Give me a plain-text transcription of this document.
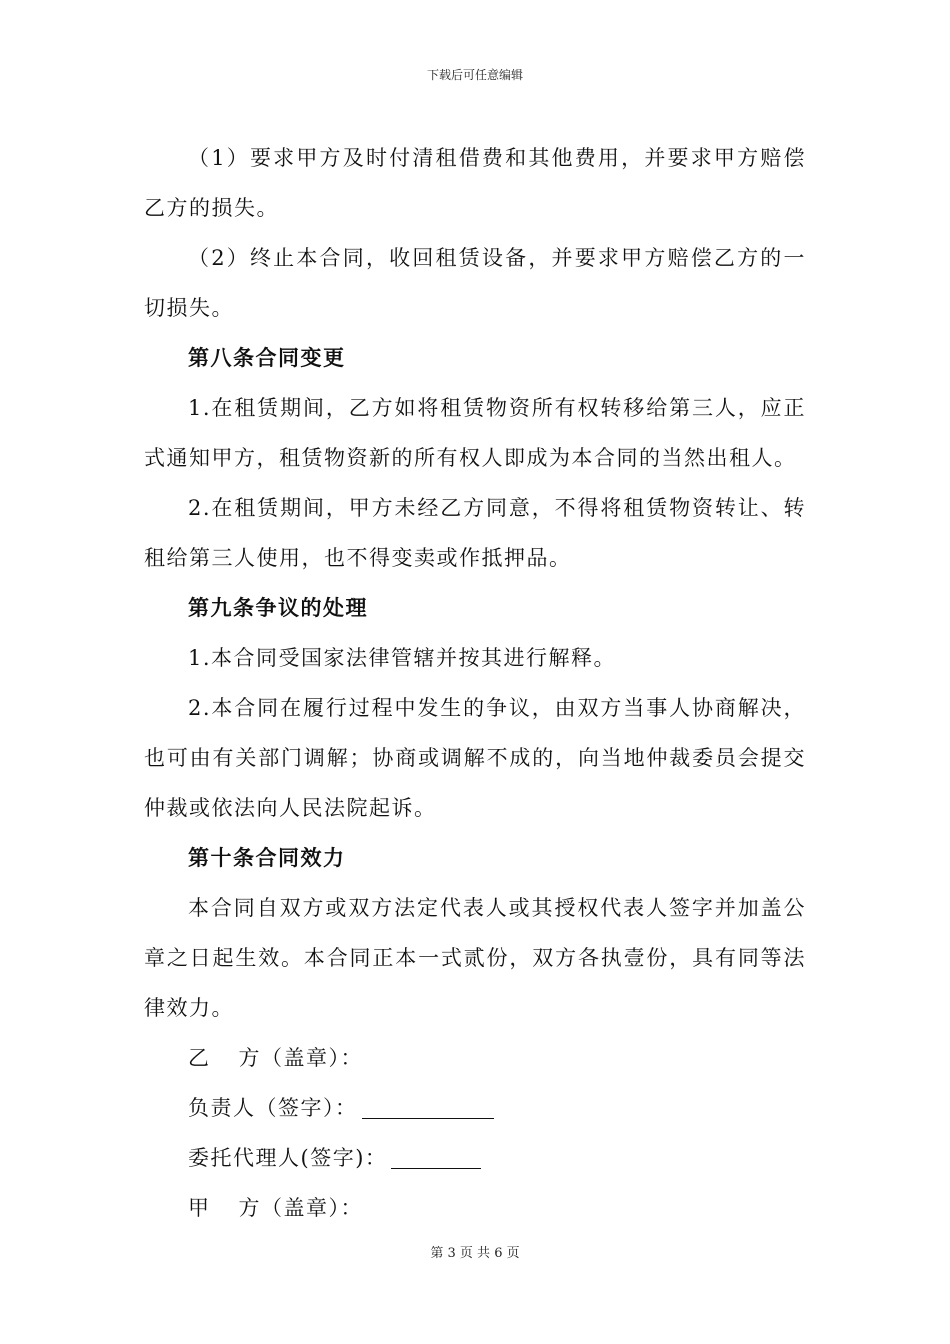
下载后可任意编辑

（1）要求甲方及时付清租借费和其他费用，并要求甲方赔偿乙方的损失。

（2）终止本合同，收回租赁设备，并要求甲方赔偿乙方的一切损失。

第八条合同变更

1.在租赁期间，乙方如将租赁物资所有权转移给第三人，应正式通知甲方，租赁物资新的所有权人即成为本合同的当然出租人。

2.在租赁期间，甲方未经乙方同意，不得将租赁物资转让、转租给第三人使用，也不得变卖或作抵押品。

第九条争议的处理

1.本合同受国家法律管辖并按其进行解释。

2.本合同在履行过程中发生的争议，由双方当事人协商解决，也可由有关部门调解；协商或调解不成的，向当地仲裁委员会提交仲裁或依法向人民法院起诉。

第十条合同效力

本合同自双方或双方法定代表人或其授权代表人签字并加盖公章之日起生效。本合同正本一式贰份，双方各执壹份，具有同等法律效力。

乙 方（盖章）：
负责人（签字）：
委托代理人(签字)：
甲 方（盖章）：
第 3 页 共 6 页
